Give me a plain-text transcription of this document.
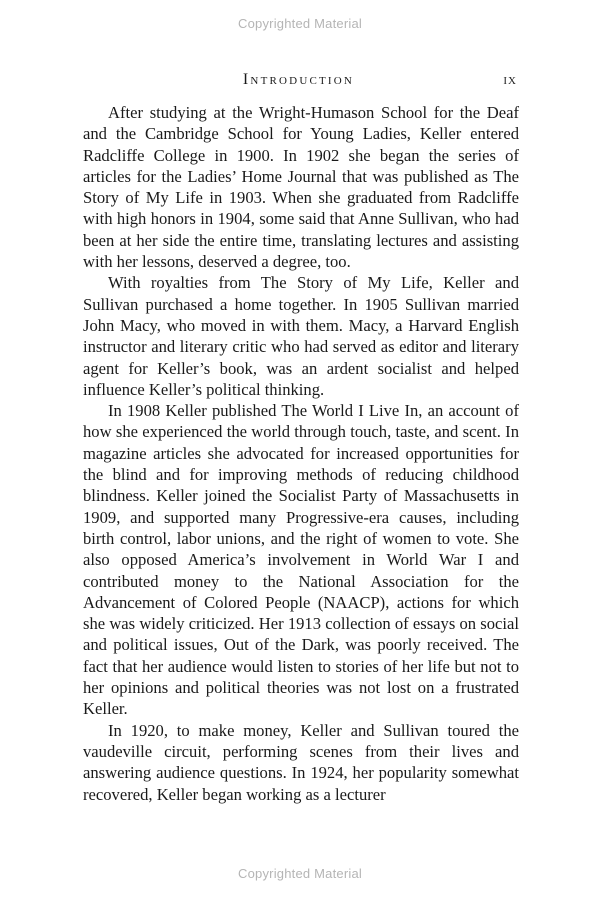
Copyrighted Material
Introduction	ix

After studying at the Wright-Humason School for the Deaf and the Cambridge School for Young Ladies, Keller entered Radcliffe College in 1900. In 1902 she began the series of articles for the Ladies’ Home Journal that was published as The Story of My Life in 1903. When she graduated from Radcliffe with high honors in 1904, some said that Anne Sullivan, who had been at her side the entire time, translating lectures and assisting with her lessons, deserved a degree, too.

With royalties from The Story of My Life, Keller and Sullivan purchased a home together. In 1905 Sullivan married John Macy, who moved in with them. Macy, a Harvard English instructor and literary critic who had served as editor and literary agent for Keller’s book, was an ardent socialist and helped influence Keller’s political thinking.

In 1908 Keller published The World I Live In, an account of how she experienced the world through touch, taste, and scent. In magazine articles she advocated for increased opportunities for the blind and for improving methods of reducing childhood blindness. Keller joined the Socialist Party of Massachusetts in 1909, and supported many Progressive-era causes, including birth control, labor unions, and the right of women to vote. She also opposed America’s involvement in World War I and contributed money to the National Association for the Advancement of Colored People (NAACP), actions for which she was widely criticized. Her 1913 collection of essays on social and political issues, Out of the Dark, was poorly received. The fact that her audience would listen to stories of her life but not to her opinions and political theories was not lost on a frustrated Keller.

In 1920, to make money, Keller and Sullivan toured the vaudeville circuit, performing scenes from their lives and answering audience questions. In 1924, her popularity somewhat recovered, Keller began working as a lecturer

Copyrighted Material
